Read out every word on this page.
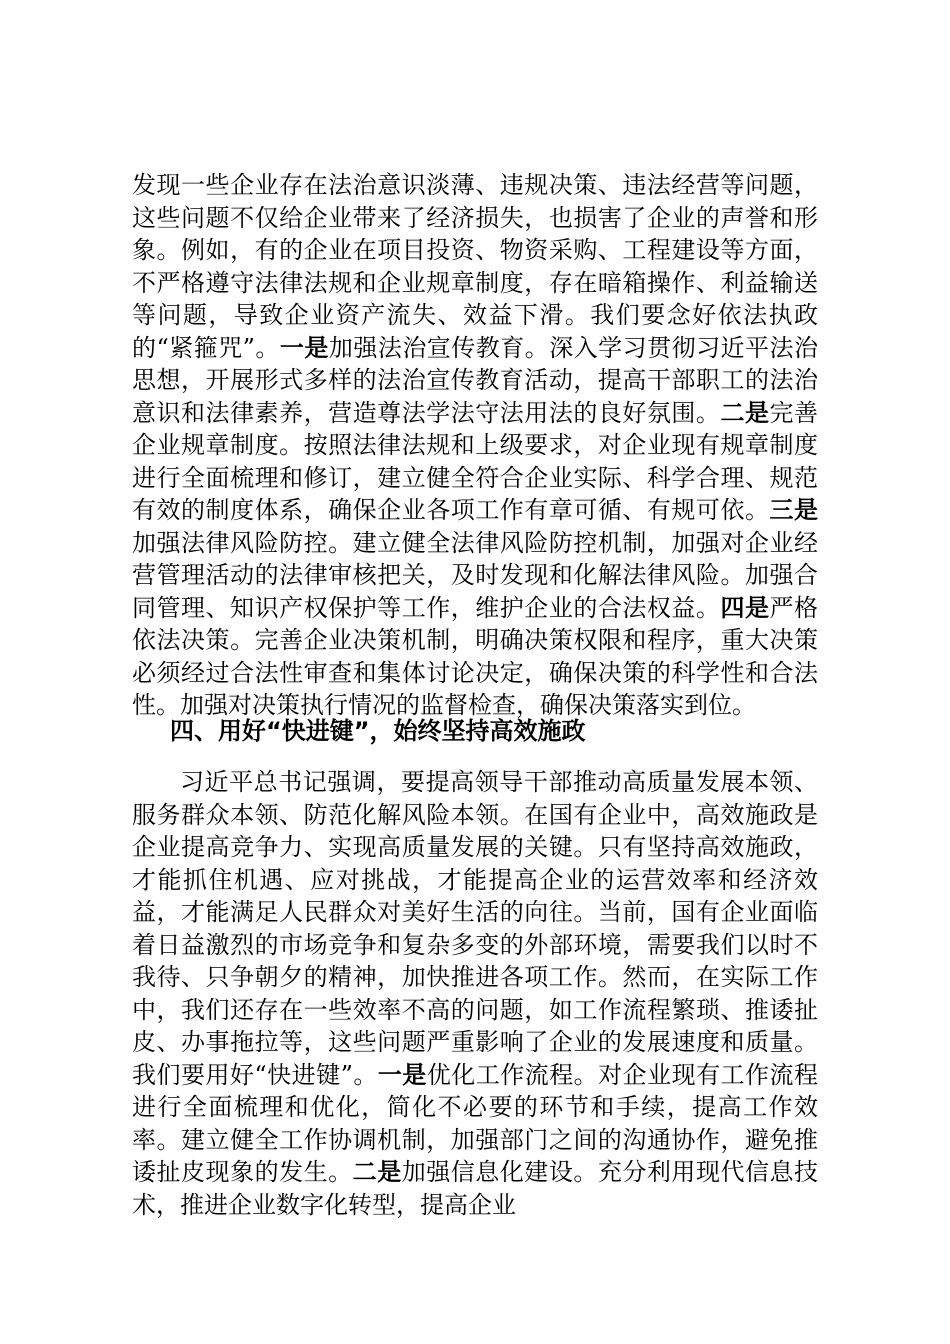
发现一些企业存在法治意识淡薄、违规决策、违法经营等问题，这些问题不仅给企业带来了经济损失，也损害了企业的声誉和形象。例如，有的企业在项目投资、物资采购、工程建设等方面，不严格遵守法律法规和企业规章制度，存在暗箱操作、利益输送等问题，导致企业资产流失、效益下滑。我们要念好依法执政的“紧箍咒”。一是加强法治宣传教育。深入学习贯彻习近平法治思想，开展形式多样的法治宣传教育活动，提高干部职工的法治意识和法律素养，营造尊法学法守法用法的良好氛围。二是完善企业规章制度。按照法律法规和上级要求，对企业现有规章制度进行全面梳理和修订，建立健全符合企业实际、科学合理、规范有效的制度体系，确保企业各项工作有章可循、有规可依。三是加强法律风险防控。建立健全法律风险防控机制，加强对企业经营管理活动的法律审核把关，及时发现和化解法律风险。加强合同管理、知识产权保护等工作，维护企业的合法权益。四是严格依法决策。完善企业决策机制，明确决策权限和程序，重大决策必须经过合法性审查和集体讨论决定，确保决策的科学性和合法性。加强对决策执行情况的监督检查，确保决策落实到位。

四、用好“快进键”，始终坚持高效施政

习近平总书记强调，要提高领导干部推动高质量发展本领、服务群众本领、防范化解风险本领。在国有企业中，高效施政是企业提高竞争力、实现高质量发展的关键。只有坚持高效施政，才能抓住机遇、应对挑战，才能提高企业的运营效率和经济效益，才能满足人民群众对美好生活的向往。当前，国有企业面临着日益激烈的市场竞争和复杂多变的外部环境，需要我们以时不我待、只争朝夕的精神，加快推进各项工作。然而，在实际工作中，我们还存在一些效率不高的问题，如工作流程繁琐、推诿扯皮、办事拖拉等，这些问题严重影响了企业的发展速度和质量。我们要用好“快进键”。一是优化工作流程。对企业现有工作流程进行全面梳理和优化，简化不必要的环节和手续，提高工作效率。建立健全工作协调机制，加强部门之间的沟通协作，避免推诿扯皮现象的发生。二是加强信息化建设。充分利用现代信息技术，推进企业数字化转型，提高企业
